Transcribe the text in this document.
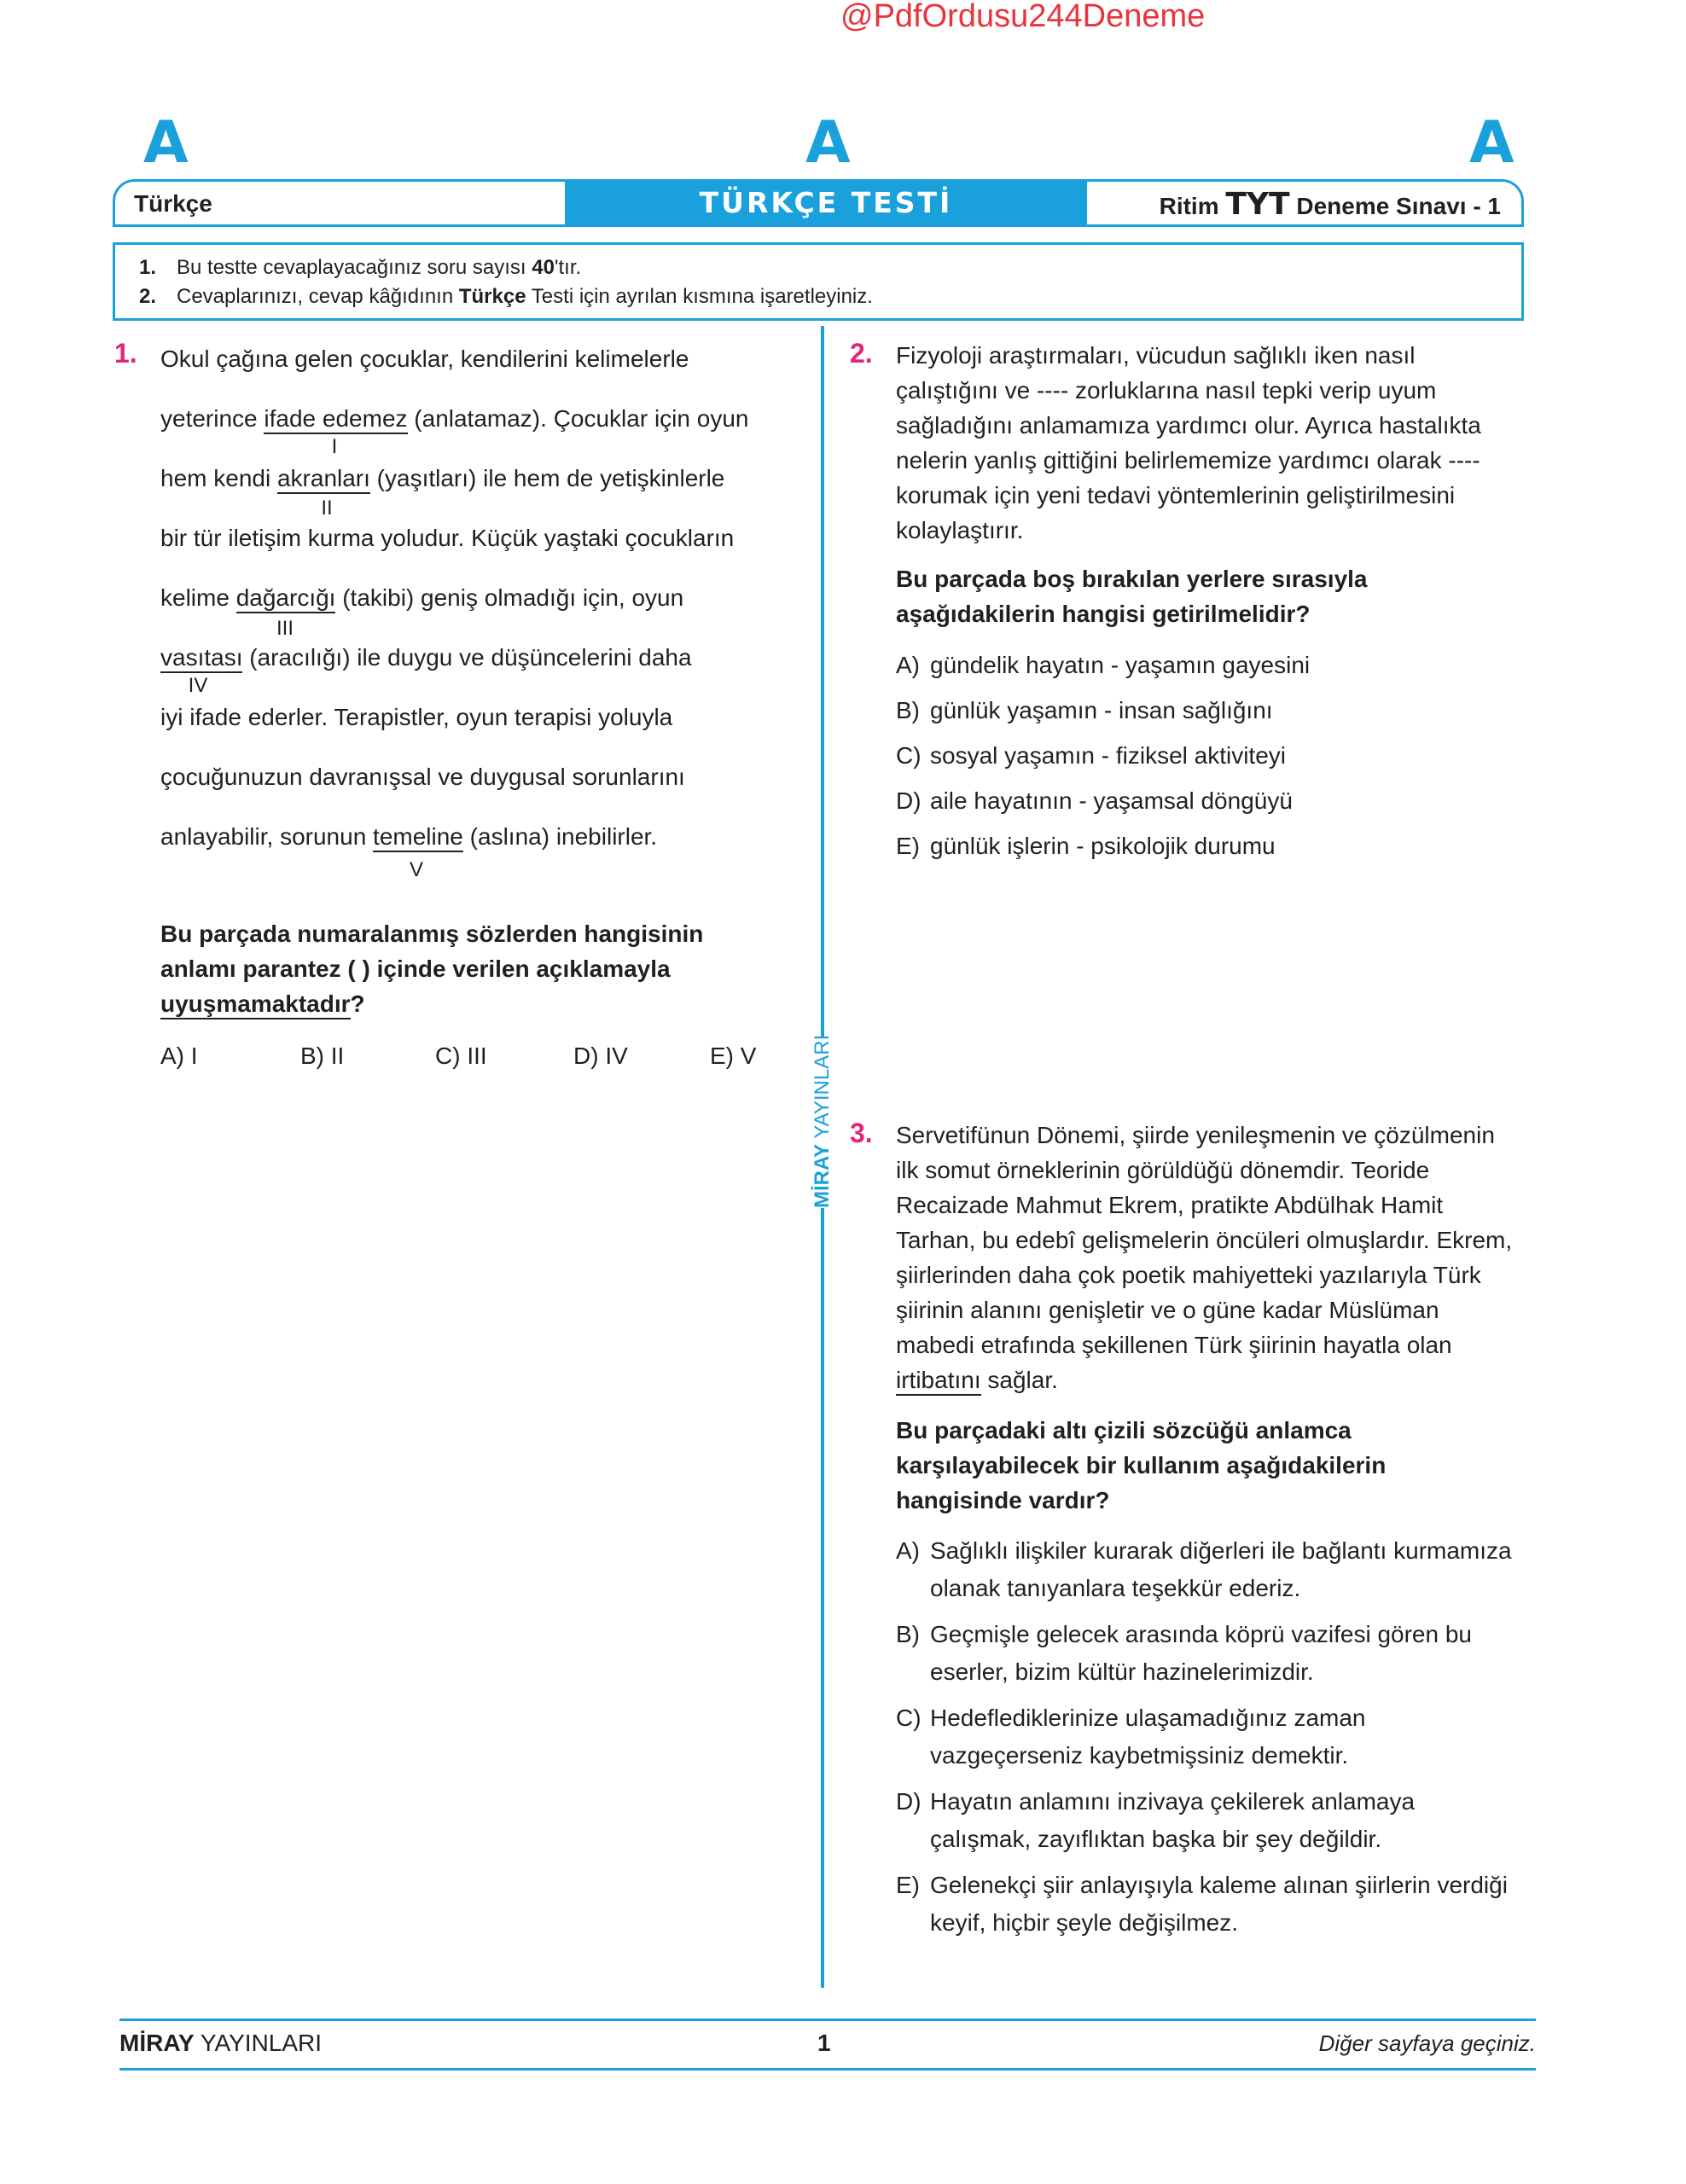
@PdfOrdusu244Deneme
A	A	A
Türkçe	TÜRKÇE TESTİ	Ritim TYT Deneme Sınavı - 1
1. Bu testte cevaplayacağınız soru sayısı 40'tır.
2. Cevaplarınızı, cevap kâğıdının Türkçe Testi için ayrılan kısmına işaretleyiniz.
MİRAY YAYINLARI
1. Okul çağına gelen çocuklar, kendilerini kelimelerle
yeterince ifade edemez (anlatamaz). Çocuklar için oyun
I
hem kendi akranları (yaşıtları) ile hem de yetişkinlerle
II
bir tür iletişim kurma yoludur. Küçük yaştaki çocukların
kelime dağarcığı (takibi) geniş olmadığı için, oyun
III
vasıtası (aracılığı) ile duygu ve düşüncelerini daha
IV
iyi ifade ederler. Terapistler, oyun terapisi yoluyla
çocuğunuzun davranışsal ve duygusal sorunlarını
anlayabilir, sorunun temeline (aslına) inebilirler.
V
Bu parçada numaralanmış sözlerden hangisinin
anlamı parantez ( ) içinde verilen açıklamayla
uyuşmamaktadır?
A) I	B) II	C) III	D) IV	E) V
2. Fizyoloji araştırmaları, vücudun sağlıklı iken nasıl
çalıştığını ve ---- zorluklarına nasıl tepki verip uyum
sağladığını anlamamıza yardımcı olur. Ayrıca hastalıkta
nelerin yanlış gittiğini belirlememize yardımcı olarak ----
korumak için yeni tedavi yöntemlerinin geliştirilmesini
kolaylaştırır.
Bu parçada boş bırakılan yerlere sırasıyla
aşağıdakilerin hangisi getirilmelidir?
A) gündelik hayatın - yaşamın gayesini
B) günlük yaşamın - insan sağlığını
C) sosyal yaşamın - fiziksel aktiviteyi
D) aile hayatının - yaşamsal döngüyü
E) günlük işlerin - psikolojik durumu
3. Servetifünun Dönemi, şiirde yenileşmenin ve çözülmenin
ilk somut örneklerinin görüldüğü dönemdir. Teoride
Recaizade Mahmut Ekrem, pratikte Abdülhak Hamit
Tarhan, bu edebî gelişmelerin öncüleri olmuşlardır. Ekrem,
şiirlerinden daha çok poetik mahiyetteki yazılarıyla Türk
şiirinin alanını genişletir ve o güne kadar Müslüman
mabedi etrafında şekillenen Türk şiirinin hayatla olan
irtibatını sağlar.
Bu parçadaki altı çizili sözcüğü anlamca
karşılayabilecek bir kullanım aşağıdakilerin
hangisinde vardır?
A) Sağlıklı ilişkiler kurarak diğerleri ile bağlantı kurmamıza
olanak tanıyanlara teşekkür ederiz.
B) Geçmişle gelecek arasında köprü vazifesi gören bu
eserler, bizim kültür hazinelerimizdir.
C) Hedeflediklerinize ulaşamadığınız zaman
vazgeçerseniz kaybetmişsiniz demektir.
D) Hayatın anlamını inzivaya çekilerek anlamaya
çalışmak, zayıflıktan başka bir şey değildir.
E) Gelenekçi şiir anlayışıyla kaleme alınan şiirlerin verdiği
keyif, hiçbir şeyle değişilmez.
MİRAY YAYINLARI	1	Diğer sayfaya geçiniz.
